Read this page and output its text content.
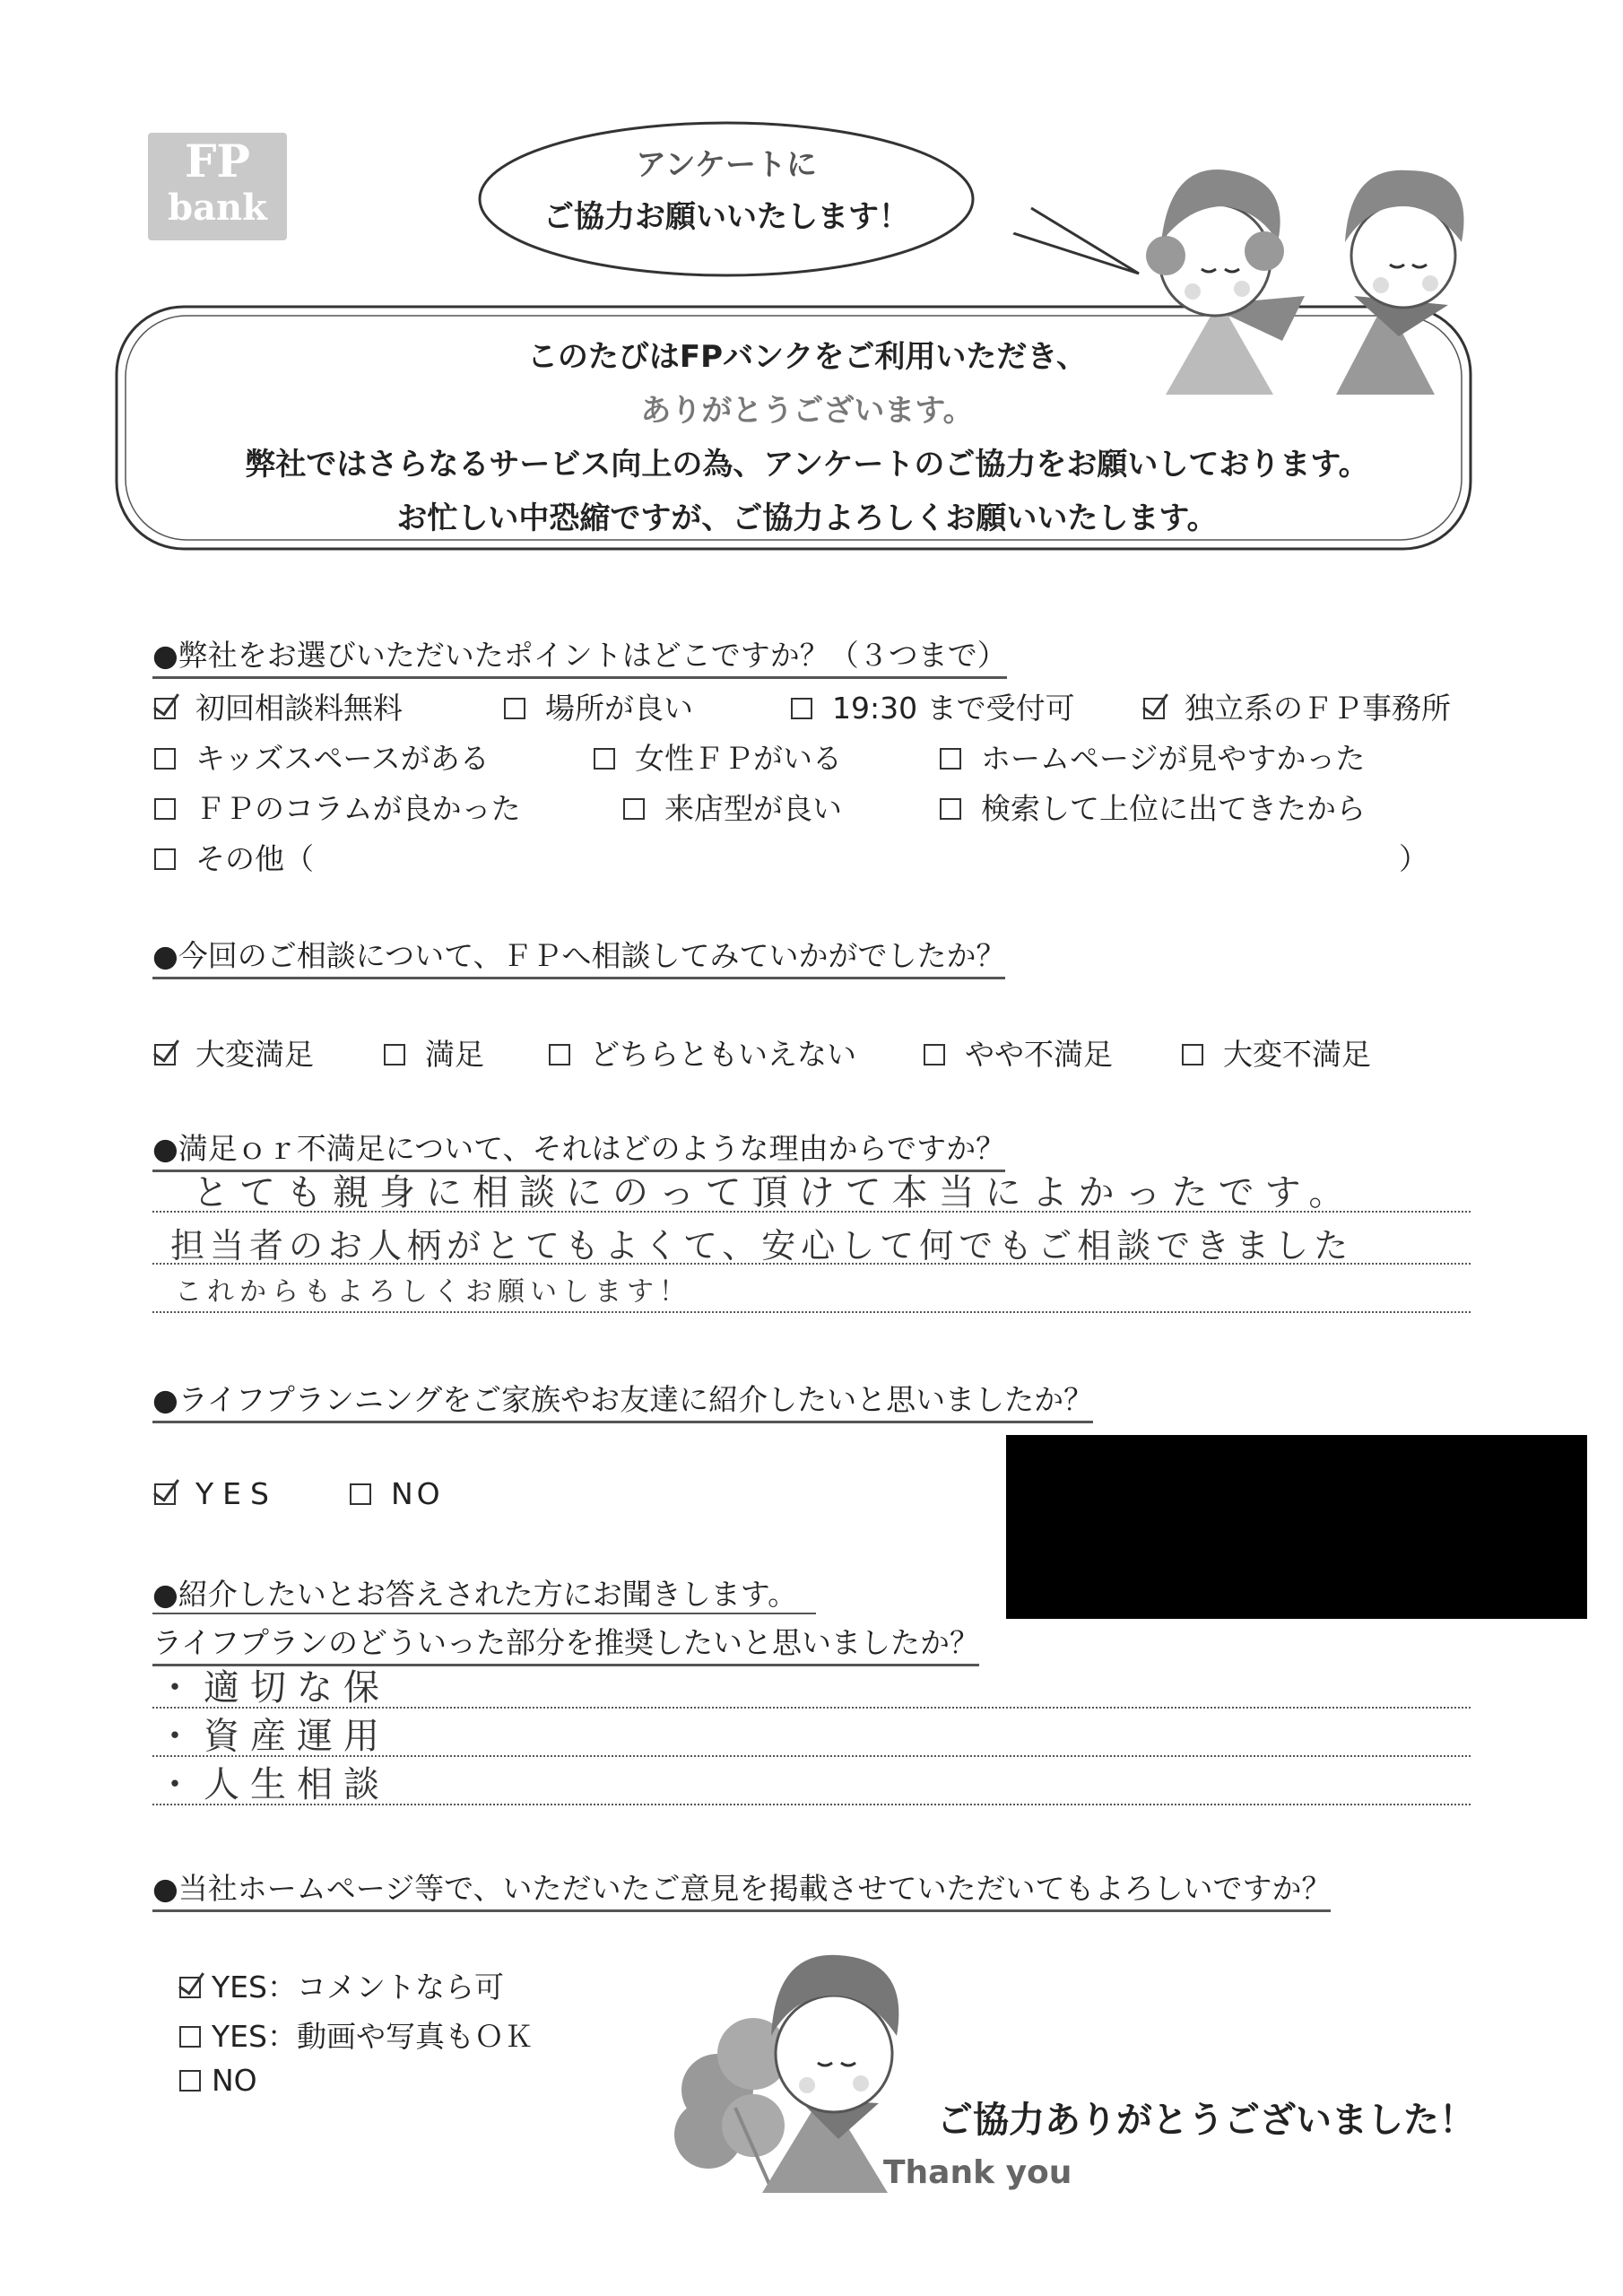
FP
bank
アンケートに
ご協力お願いいたします！
このたびはFPバンクをご利用いただき、
ありがとうございます。
弊社ではさらなるサービス向上の為、アンケートのご協力をお願いしております。
お忙しい中恐縮ですが、ご協力よろしくお願いいたします。
●弊社をお選びいただいたポイントはどこですか？（３つまで）
初回相談料無料	場所が良い	19:30 まで受付可	独立系のＦＰ事務所
キッズスペースがある	女性ＦＰがいる	ホームページが見やすかった
ＦＰのコラムが良かった	来店型が良い	検索して上位に出てきたから
その他（	）
●今回のご相談について、ＦＰへ相談してみていかがでしたか？
大変満足	満足	どちらともいえない	やや不満足	大変不満足
●満足ｏｒ不満足について、それはどのような理由からですか？
とても親身に相談にのって頂けて本当によかったです。
担当者のお人柄がとてもよくて、安心して何でもご相談できました
これからもよろしくお願いします！
●ライフプランニングをご家族やお友達に紹介したいと思いましたか？
YES	NO
●紹介したいとお答えされた方にお聞きします。
ライフプランのどういった部分を推奨したいと思いましたか？
・適切な保
・資産運用
・人生相談
●当社ホームページ等で、いただいたご意見を掲載させていただいてもよろしいですか？
YES：コメントなら可
YES：動画や写真もＯＫ
NO
ご協力ありがとうございました！
Thank you
